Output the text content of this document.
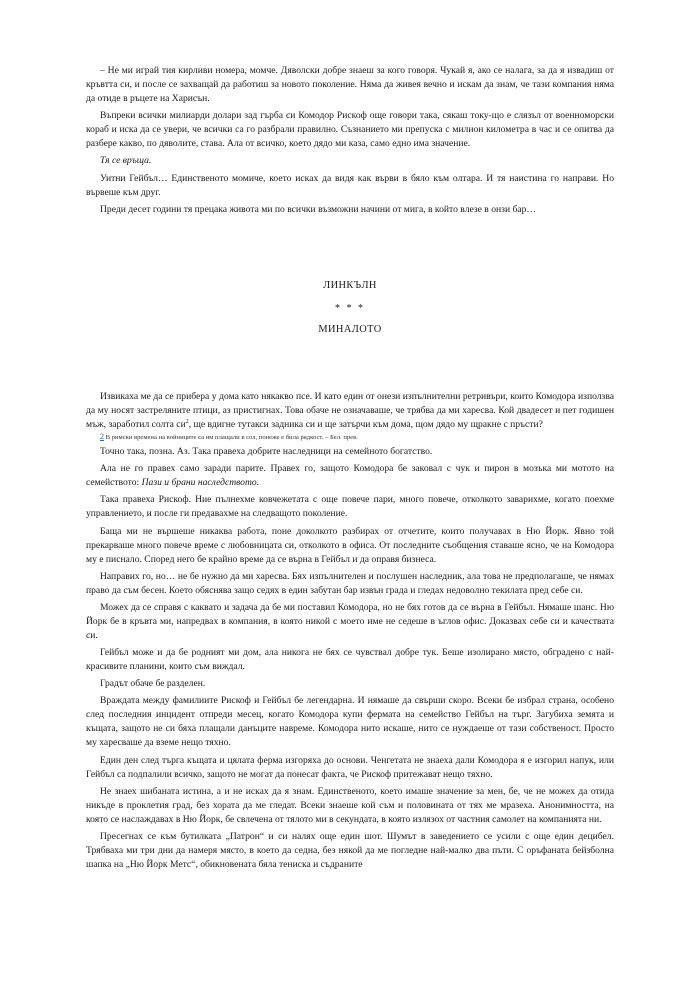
– Не ми играй тия кирливи номера, момче. Дяволски добре знаеш за кого говоря. Чукай я, ако се налага, за да я извадиш от кръвтта си, и после се захващай да работиш за новото поколение. Няма да живея вечно и искам да знам, че тази компания няма да отиде в ръцете на Харисън.

Въпреки всички милиарди долари зад гърба си Комодор Рискоф още говори така, сякаш току-що е слязъл от военноморски кораб и иска да се увери, че всички са го разбрали правилно. Съзнанието ми препуска с милион километра в час и се опитва да разбере какво, по дяволите, става. Ала от всичко, което дядо ми каза, само едно има значение.

Тя се връща.

Уитни Гейбъл… Единственото момиче, което исках да видя как върви в бяло към олтара. И тя наистина го направи. Но вървеше към друг.

Преди десет години тя прецака живота ми по всички възможни начини от мига, в който влезе в онзи бар…

ЛИНКЪЛН
* * *
МИНАЛОТО

Извикаха ме да се прибера у дома като някакво псе. И като един от онези изпълнителни ретривъри, които Комодора използва да му носят застреляните птици, аз пристигнах. Това обаче не означаваше, че трябва да ми харесва. Кой двадесет и пет годишен мъж, заработил солта $си^2$, ще вдигне тутакси задника си и ще затърчи към дома, щом дядо му щракне с пръсти?

2 В римски времена на войниците са им плащали в сол, понеже е била рядкост. – Бел. прев.

Точно така, позна. Аз. Така правеха добрите наследници на семейното богатство.

Ала не го правех само заради парите. Правех го, защото Комодора бе заковал с чук и пирон в мозъка ми мотото на семейството: Пази и брани наследството.

Така правеха Рискоф. Ние пълнехме ковчежетата с още повече пари, много повече, отколкото заварихме, когато поехме управлението, и после ги предавахме на следващото поколение.

Баща ми не вършеше никаква работа, поне доколкото разбирах от отчетите, които получавах в Ню Йорк. Явно той прекарваше много повече време с любовницата си, отколкото в офиса. От последните съобщения ставаше ясно, че на Комодора му е писнало. Според него бе крайно време да се върна в Гейбъл и да оправя бизнеса.

Направих го, но… не бе нужно да ми харесва. Бях изпълнителен и послушен наследник, ала това не предполагаше, че нямах право да съм бесен. Което обяснява защо седях в един забутан бар извън града и гледах недоволно текилата пред себе си.

Можех да се справя с каквато и задача да бе ми поставил Комодора, но не бях готов да се върна в Гейбъл. Нямаше шанс. Ню Йорк бе в кръвта ми, напредвах в компания, в която никой с моето име не седеше в ъглов офис. Доказвах себе си и качествата си.

Гейбъл може и да бе родният ми дом, ала никога не бях се чувствал добре тук. Беше изолирано място, обградено с най-красивите планини, които съм виждал.

Градът обаче бе разделен.

Враждата между фамилиите Рискоф и Гейбъл бе легендарна. И нямаше да свърши скоро. Всеки бе избрал страна, особено след последния инцидент отпреди месец, когато Комодора купи фермата на семейство Гейбъл на търг. Загубиха земята и къщата, защото не си бяха плащали данъците навреме. Комодора нито искаше, нито се нуждаеше от тази собственост. Просто му харесваше да вземе нещо тяхно.

Един ден след търга къщата и цялата ферма изгоряха до основи. Ченгетата не знаеха дали Комодора я е изгорил напук, или Гейбъл са подпалили всичко, защото не могат да понесат факта, че Рискоф притежават нещо тяхно.

Не знаех шибаната истина, а и не исках да я знам. Единственото, което имаше значение за мен, бе, че не можех да отида никъде в проклетия град, без хората да ме гледат. Всеки знаеше кой съм и половината от тях ме мразеха. Анонимността, на която се наслаждавах в Ню Йорк, бе свлечена от тялото ми в секундата, в която излязох от частния самолет на компанията ни.

Пресегнах се към бутилката „Патрон“ и си налях още един шот. Шумът в заведението се усили с още един децибел. Трябваха ми три дни да намеря място, в което да седна, без някой да ме погледне най-малко два пъти. С оръфаната бейзболна шапка на „Ню Йорк Метс“, обикновената бяла тениска и съдраните
